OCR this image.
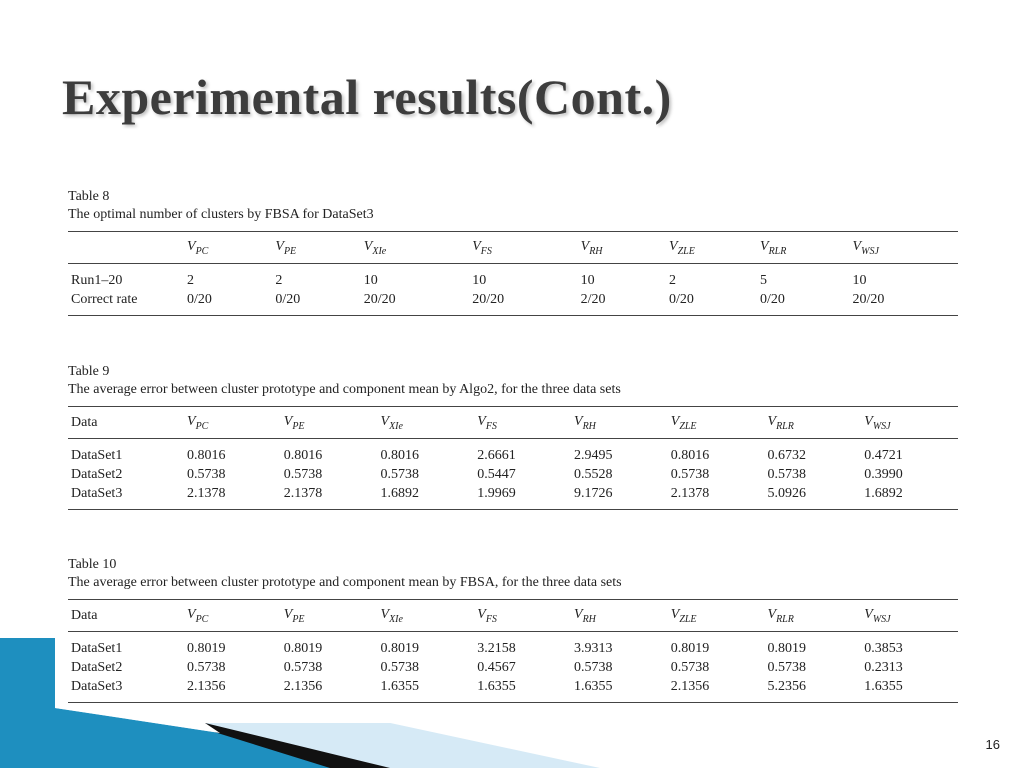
Experimental results(Cont.)
Table 8
The optimal number of clusters by FBSA for DataSet3
	$V_{PC}$	$V_{PE}$	$V_{XIe}$	$V_{FS}$	$V_{RH}$	$V_{ZLE}$	$V_{RLR}$	$V_{WSJ}$
Run1–20	2	2	10	10	10	2	5	10
Correct rate	0/20	0/20	20/20	20/20	2/20	0/20	0/20	20/20
Table 9
The average error between cluster prototype and component mean by Algo2, for the three data sets
Data	$V_{PC}$	$V_{PE}$	$V_{XIe}$	$V_{FS}$	$V_{RH}$	$V_{ZLE}$	$V_{RLR}$	$V_{WSJ}$
DataSet1	0.8016	0.8016	0.8016	2.6661	2.9495	0.8016	0.6732	0.4721
DataSet2	0.5738	0.5738	0.5738	0.5447	0.5528	0.5738	0.5738	0.3990
DataSet3	2.1378	2.1378	1.6892	1.9969	9.1726	2.1378	5.0926	1.6892
Table 10
The average error between cluster prototype and component mean by FBSA, for the three data sets
Data	$V_{PC}$	$V_{PE}$	$V_{XIe}$	$V_{FS}$	$V_{RH}$	$V_{ZLE}$	$V_{RLR}$	$V_{WSJ}$
DataSet1	0.8019	0.8019	0.8019	3.2158	3.9313	0.8019	0.8019	0.3853
DataSet2	0.5738	0.5738	0.5738	0.4567	0.5738	0.5738	0.5738	0.2313
DataSet3	2.1356	2.1356	1.6355	1.6355	1.6355	2.1356	5.2356	1.6355
16
